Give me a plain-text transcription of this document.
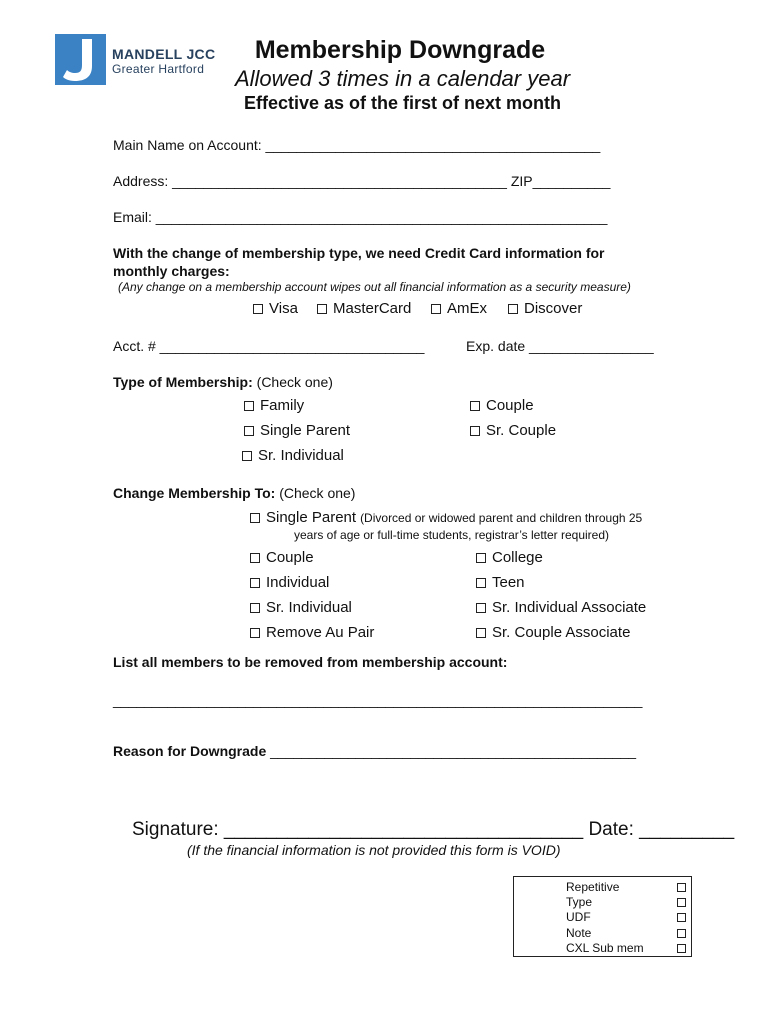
MANDELL JCC
Greater Hartford
Membership Downgrade
Allowed 3 times in a calendar year
Effective as of the first of next month
Main Name on Account: ___________________________________________
Address: ___________________________________________ ZIP__________
Email: __________________________________________________________
With the change of membership type, we need Credit Card information for
monthly charges:
(Any change on a membership account wipes out all financial information as a security measure)
Visa MasterCard AmEx Discover
Acct. # __________________________________	Exp. date ________________
Type of Membership: (Check one)
Family	Couple
Single Parent	Sr. Couple
Sr. Individual
Change Membership To: (Check one)
Single Parent (Divorced or widowed parent and children through 25
years of age or full-time students, registrar’s letter required)
Couple	College
Individual	Teen
Sr. Individual	Sr. Individual Associate
Remove Au Pair	Sr. Couple Associate
List all members to be removed from membership account:
____________________________________________________________________
Reason for Downgrade _______________________________________________
Signature: __________________________________ Date: _________
(If the financial information is not provided this form is VOID)
Repetitive
Type
UDF
Note
CXL Sub mem
